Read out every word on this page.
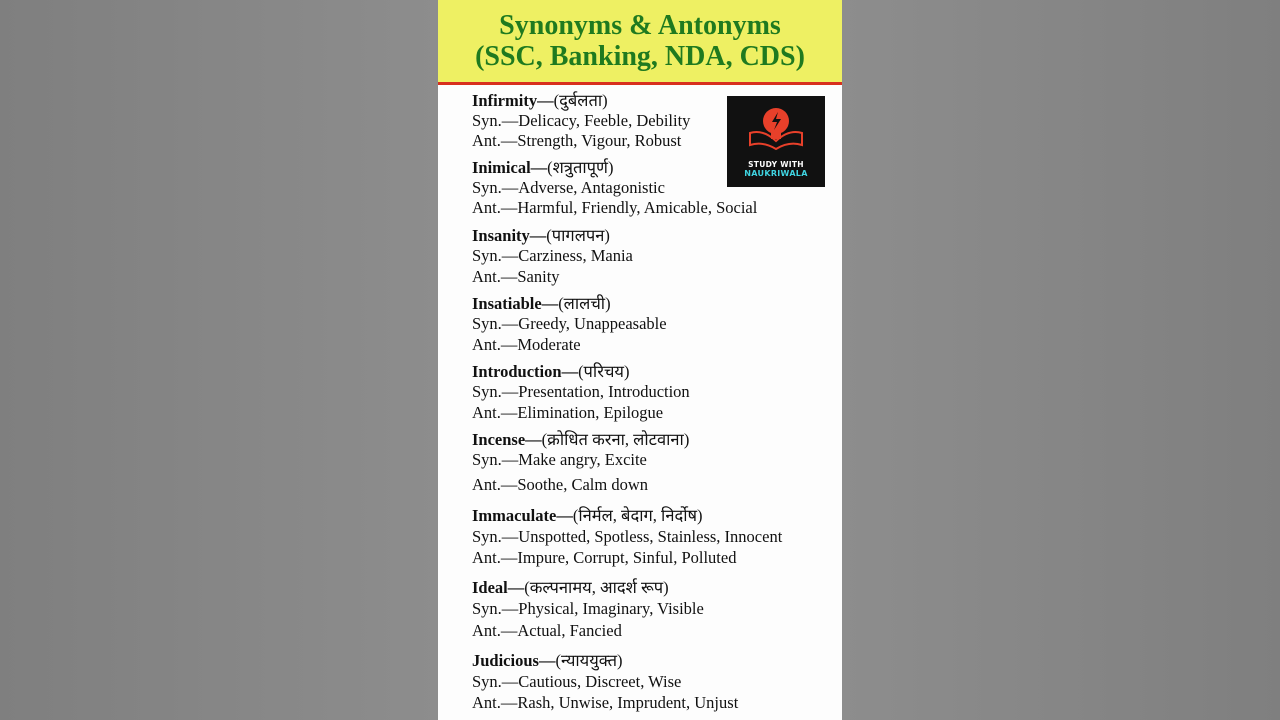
Synonyms & Antonyms
(SSC, Banking, NDA, CDS)
Infirmity—(दुर्बलता)
Syn.—Delicacy, Feeble, Debility
Ant.—Strength, Vigour, Robust
Inimical—(शत्रुतापूर्ण)
Syn.—Adverse, Antagonistic
Ant.—Harmful, Friendly, Amicable, Social
Insanity—(पागलपन)
Syn.—Carziness, Mania
Ant.—Sanity
Insatiable—(लालची)
Syn.—Greedy, Unappeasable
Ant.—Moderate
Introduction—(परिचय)
Syn.—Presentation, Introduction
Ant.—Elimination, Epilogue
Incense—(क्रोधित करना, लोटवाना)
Syn.—Make angry, Excite
Ant.—Soothe, Calm down
Immaculate—(निर्मल, बेदाग, निर्दोष)
Syn.—Unspotted, Spotless, Stainless, Innocent
Ant.—Impure, Corrupt, Sinful, Polluted
Ideal—(कल्पनामय, आदर्श रूप)
Syn.—Physical, Imaginary, Visible
Ant.—Actual, Fancied
Judicious—(न्याययुक्त)
Syn.—Cautious, Discreet, Wise
Ant.—Rash, Unwise, Imprudent, Unjust
STUDY WITH
NAUKRIWALA
